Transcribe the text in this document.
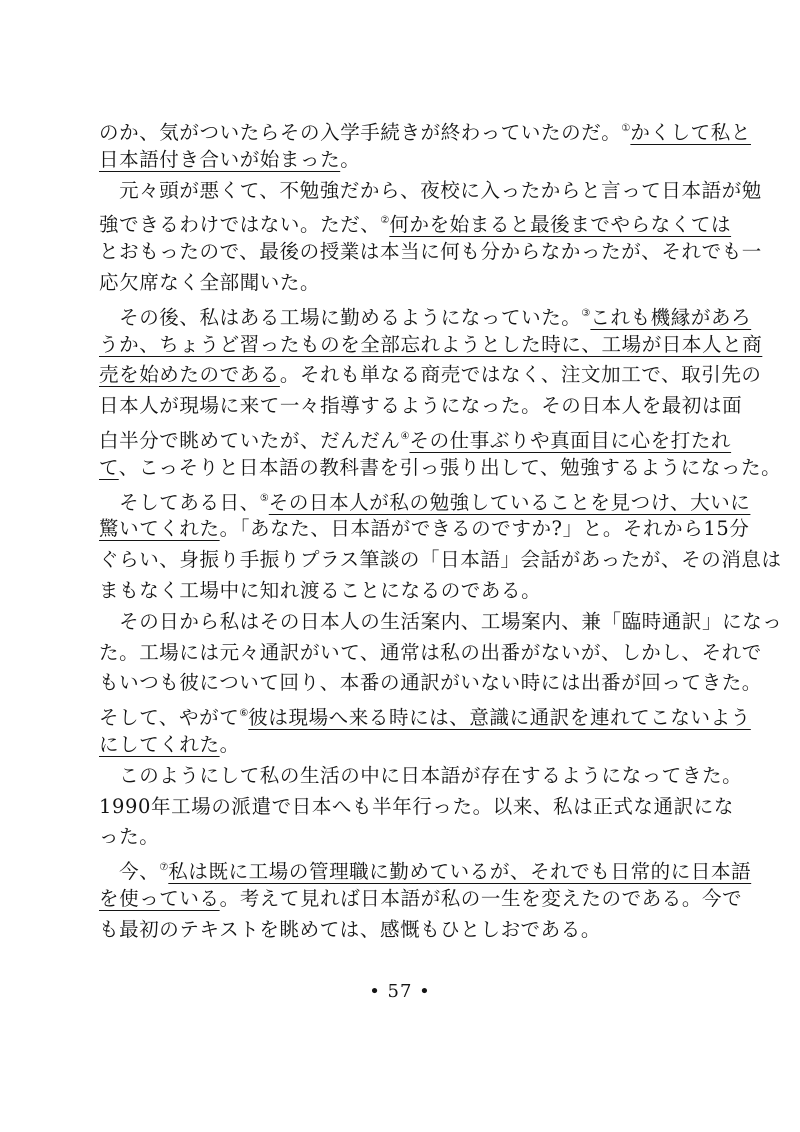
のか、気がついたらその入学手続きが終わっていたのだ。①かくして私と
日本語付き合いが始まった。
　元々頭が悪くて、不勉強だから、夜校に入ったからと言って日本語が勉
強できるわけではない。ただ、②何かを始まると最後までやらなくては
とおもったので、最後の授業は本当に何も分からなかったが、それでも一
応欠席なく全部聞いた。
　その後、私はある工場に勤めるようになっていた。③これも機縁があろ
うか、ちょうど習ったものを全部忘れようとした時に、工場が日本人と商
売を始めたのである。それも単なる商売ではなく、注文加工で、取引先の
日本人が現場に来て一々指導するようになった。その日本人を最初は面
白半分で眺めていたが、だんだん④その仕事ぶりや真面目に心を打たれ
て、こっそりと日本語の教科書を引っ張り出して、勉強するようになった。
　そしてある日、⑤その日本人が私の勉強していることを見つけ、大いに
驚いてくれた。「あなた、日本語ができるのですか?」と。それから15分
ぐらい、身振り手振りプラス筆談の「日本語」会話があったが、その消息は
まもなく工場中に知れ渡ることになるのである。
　その日から私はその日本人の生活案内、工場案内、兼「臨時通訳」になっ
た。工場には元々通訳がいて、通常は私の出番がないが、しかし、それで
もいつも彼について回り、本番の通訳がいない時には出番が回ってきた。
そして、やがて⑥彼は現場へ来る時には、意識に通訳を連れてこないよう
にしてくれた。
　このようにして私の生活の中に日本語が存在するようになってきた。
1990年工場の派遣で日本へも半年行った。以来、私は正式な通訳にな
った。
　今、⑦私は既に工場の管理職に勤めているが、それでも日常的に日本語
を使っている。考えて見れば日本語が私の一生を変えたのである。今で
も最初のテキストを眺めては、感慨もひとしおである。
• 57 •
